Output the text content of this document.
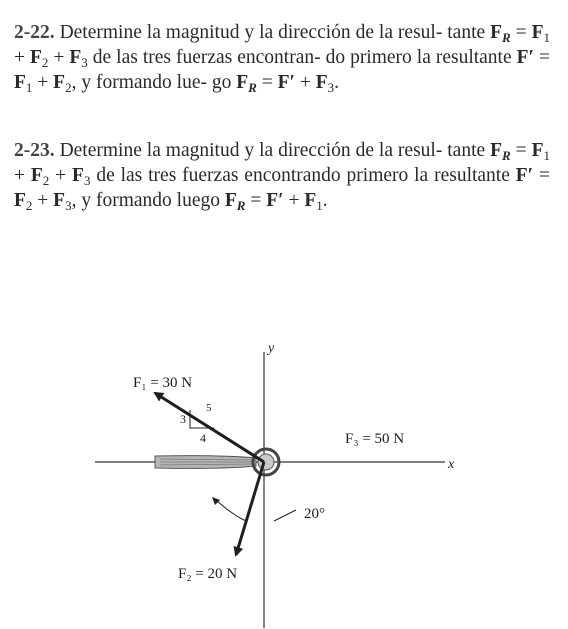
2-22. Determine la magnitud y la dirección de la resul- tante $F_R = F_1 + F_2 + F_3$ de las tres fuerzas encontran- do primero la resultante $F' = F_1 + F_2$, y formando lue- go $F_R = F' + F_3$.
2-23. Determine la magnitud y la dirección de la resul- tante $F_R = F_1 + F_2 + F_3$ de las tres fuerzas encontrando primero la resultante $F' = F_2 + F_3$, y formando luego $F_R = F' + F_1$.
y
x
F₁ = 30 N
5
3
4	F₃ = 50 N
F₂ = 20 N
20°
